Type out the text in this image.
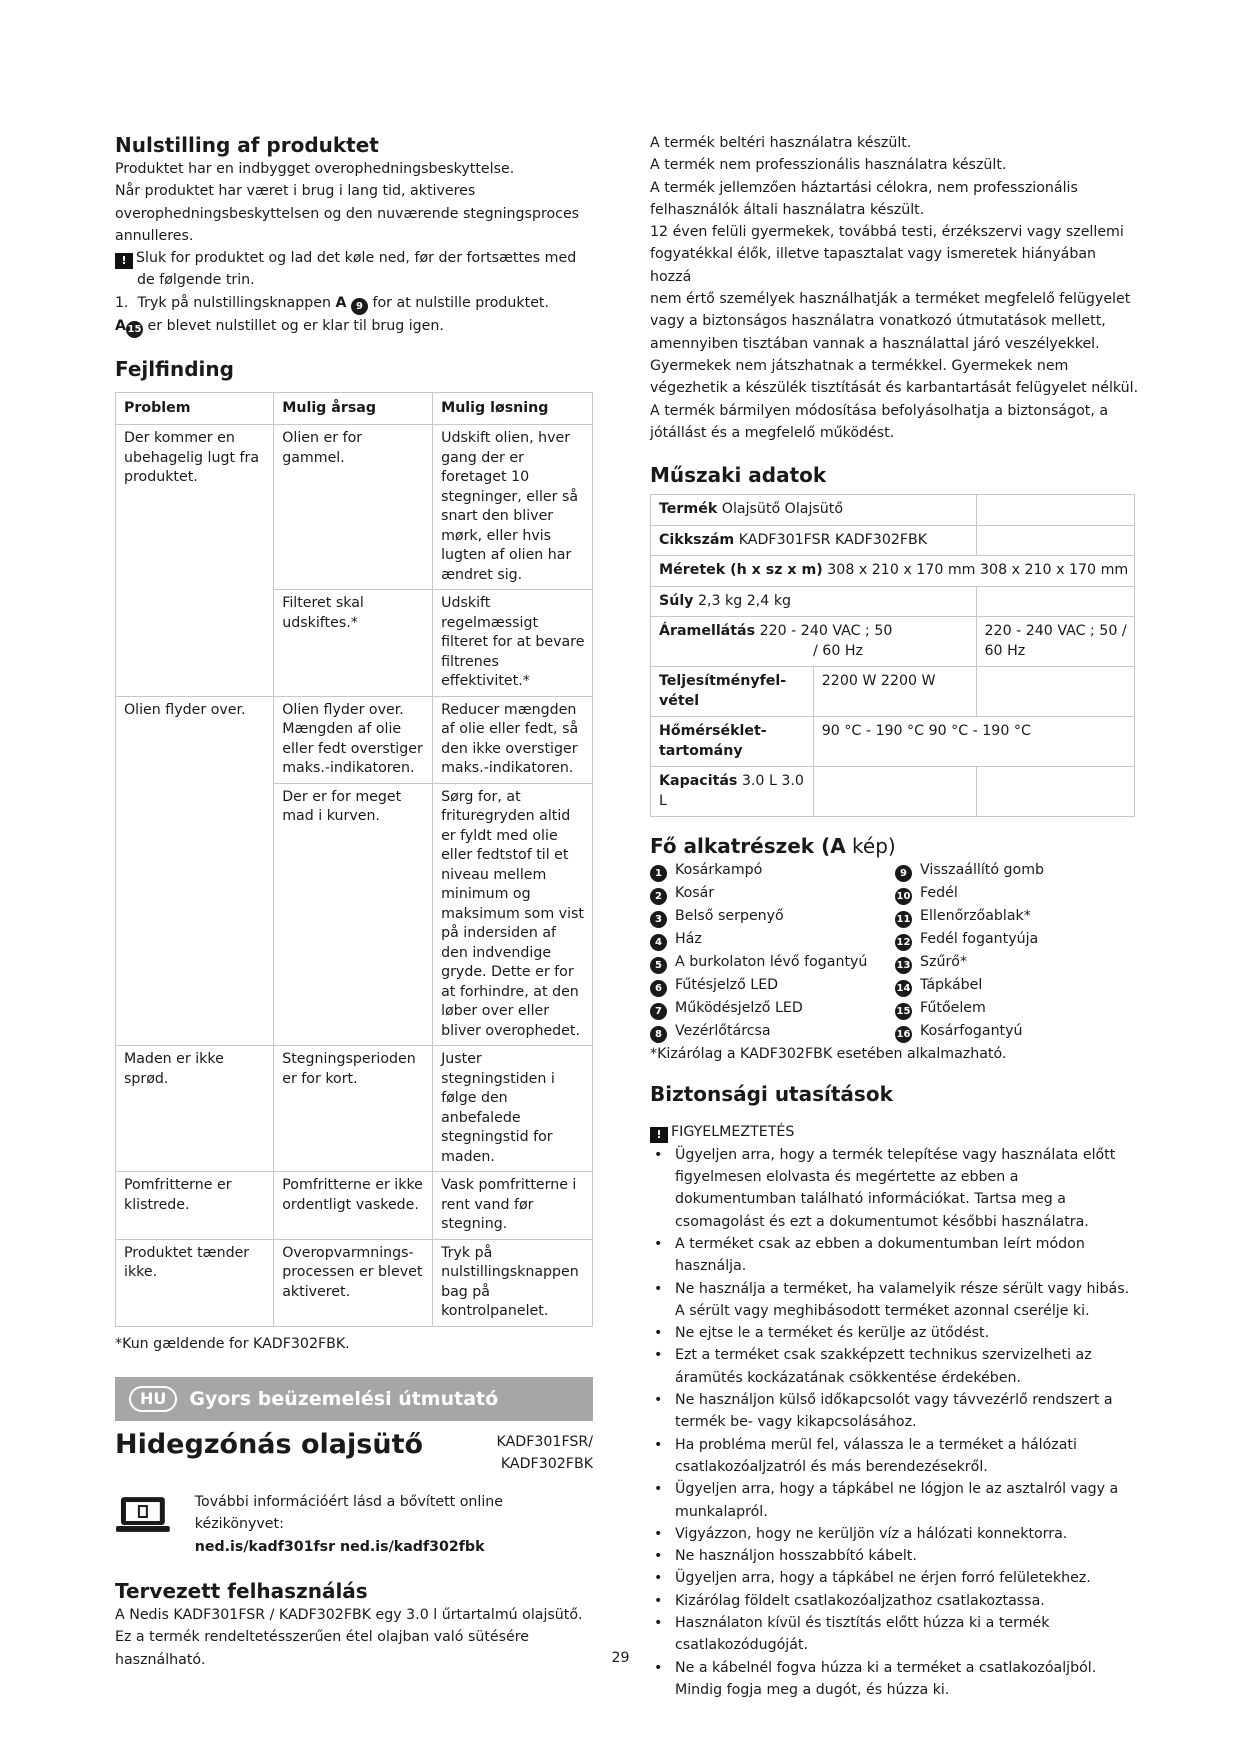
Nulstilling af produktet

Produktet har en indbygget overophedningsbeskyttelse.

Når produktet har været i brug i lang tid, aktiveres

overophedningsbeskyttelsen og den nuværende stegningsproces

annulleres.

! Sluk for produktet og lad det køle ned, før der fortsættes med

de følgende trin.

1.  Tryk på nulstillingsknappen A 9 for at nulstille produktet.

A 15 er blevet nulstillet og er klar til brug igen.

Fejlfinding
Problem	Mulig årsag	Mulig løsning
Der kommer en ubehagelig lugt fra produktet.	Olien er for gammel.	Udskift olien, hver gang der er foretaget 10 stegninger, eller så snart den bliver mørk, eller hvis lugten af olien har ændret sig.
	Filteret skal udskiftes.*	Udskift regelmæssigt filteret for at bevare filtrenes effektivitet.*
Olien flyder over.	Olien flyder over. Mængden af olie eller fedt overstiger maks.-indikatoren.	Reducer mængden af olie eller fedt, så den ikke overstiger maks.-indikatoren.
	Der er for meget mad i kurven.	Sørg for, at frituregryden altid er fyldt med olie eller fedtstof til et niveau mellem minimum og maksimum som vist på indersiden af den indvendige gryde. Dette er for at forhindre, at den løber over eller bliver overophedet.
Maden er ikke sprød.	Stegningsperioden er for kort.	Juster stegningstiden i følge den anbefalede stegningstid for maden.
Pomfritterne er klistrede.	Pomfritterne er ikke ordentligt vaskede.	Vask pomfritterne i rent vand før stegning.
Produktet tænder ikke.	Overopvarmnings-processen er blevet aktiveret.	Tryk på nulstillingsknappen bag på kontrolpanelet.

*Kun gældende for KADF302FBK.

HU	Gyors beüzemelési útmutató
Hidegzónás olajsütő	KADF301FSR/
KADF302FBK

További információért lásd a bővített online kézikönyvet:

ned.is/kadf301fsr ned.is/kadf302fbk

Tervezett felhasználás

A Nedis KADF301FSR / KADF302FBK egy 3.0 l űrtartalmú olajsütő.

Ez a termék rendeltetésszerűen étel olajban való sütésére

használható.

A termék beltéri használatra készült.

A termék nem professzionális használatra készült.

A termék jellemzően háztartási célokra, nem professzionális

felhasználók általi használatra készült.

12 éven felüli gyermekek, továbbá testi, érzékszervi vagy szellemi

fogyatékkal élők, illetve tapasztalat vagy ismeretek hiányában hozzá

nem értő személyek használhatják a terméket megfelelő felügyelet

vagy a biztonságos használatra vonatkozó útmutatások mellett,

amennyiben tisztában vannak a használattal járó veszélyekkel.

Gyermekek nem játszhatnak a termékkel. Gyermekek nem

végezhetik a készülék tisztítását és karbantartását felügyelet nélkül.

A termék bármilyen módosítása befolyásolhatja a biztonságot, a

jótállást és a megfelelő működést.

Műszaki adatok
Termék Olajsütő Olajsütő		
Cikkszám KADF301FSR KADF302FBK		
Méretek (h x sz x m) 308 x 210 x 170 mm 308 x 210 x 170 mm		
Súly 2,3 kg 2,4 kg		
Áramellátás 220 - 240 VAC ; 50
/ 60 Hz		220 - 240 VAC ; 50 / 60 Hz
Teljesítményfel-vétel	2200 W 2200 W	
Hőmérséklet-tartomány	90 °C - 190 °C 90 °C - 190 °C	
Kapacitás 3.0 L 3.0 L		
Fő alkatrészek (A kép)
1 Kosárkampó	9 Visszaállító gomb
2 Kosár	10 Fedél
3 Belső serpenyő	11 Ellenőrzőablak*
4 Ház	12 Fedél fogantyúja
5 A burkolaton lévő fogantyú	13 Szűrő*
6 Fűtésjelző LED	14 Tápkábel
7 Működésjelző LED	15 Fűtőelem
8 Vezérlőtárcsa	16 Kosárfogantyú

*Kizárólag a KADF302FBK esetében alkalmazható.

Biztonsági utasítások

! FIGYELMEZTETÉS

• Ügyeljen arra, hogy a termék telepítése vagy használata előtt figyelmesen elolvasta és megértette az ebben a dokumentumban található információkat. Tartsa meg a csomagolást és ezt a dokumentumot későbbi használatra.
• A terméket csak az ebben a dokumentumban leírt módon használja.
• Ne használja a terméket, ha valamelyik része sérült vagy hibás. A sérült vagy meghibásodott terméket azonnal cserélje ki.
• Ne ejtse le a terméket és kerülje az ütődést.
• Ezt a terméket csak szakképzett technikus szervizelheti az áramütés kockázatának csökkentése érdekében.
• Ne használjon külső időkapcsolót vagy távvezérlő rendszert a termék be- vagy kikapcsolásához.
• Ha probléma merül fel, válassza le a terméket a hálózati csatlakozóaljzatról és más berendezésekről.
• Ügyeljen arra, hogy a tápkábel ne lógjon le az asztalról vagy a munkalapról.
• Vigyázzon, hogy ne kerüljön víz a hálózati konnektorra.
• Ne használjon hosszabbító kábelt.
• Ügyeljen arra, hogy a tápkábel ne érjen forró felületekhez.
• Kizárólag földelt csatlakozóaljzathoz csatlakoztassa.
• Használaton kívül és tisztítás előtt húzza ki a termék csatlakozódugóját.
• Ne a kábelnél fogva húzza ki a terméket a csatlakozóaljból. Mindig fogja meg a dugót, és húzza ki.
29
